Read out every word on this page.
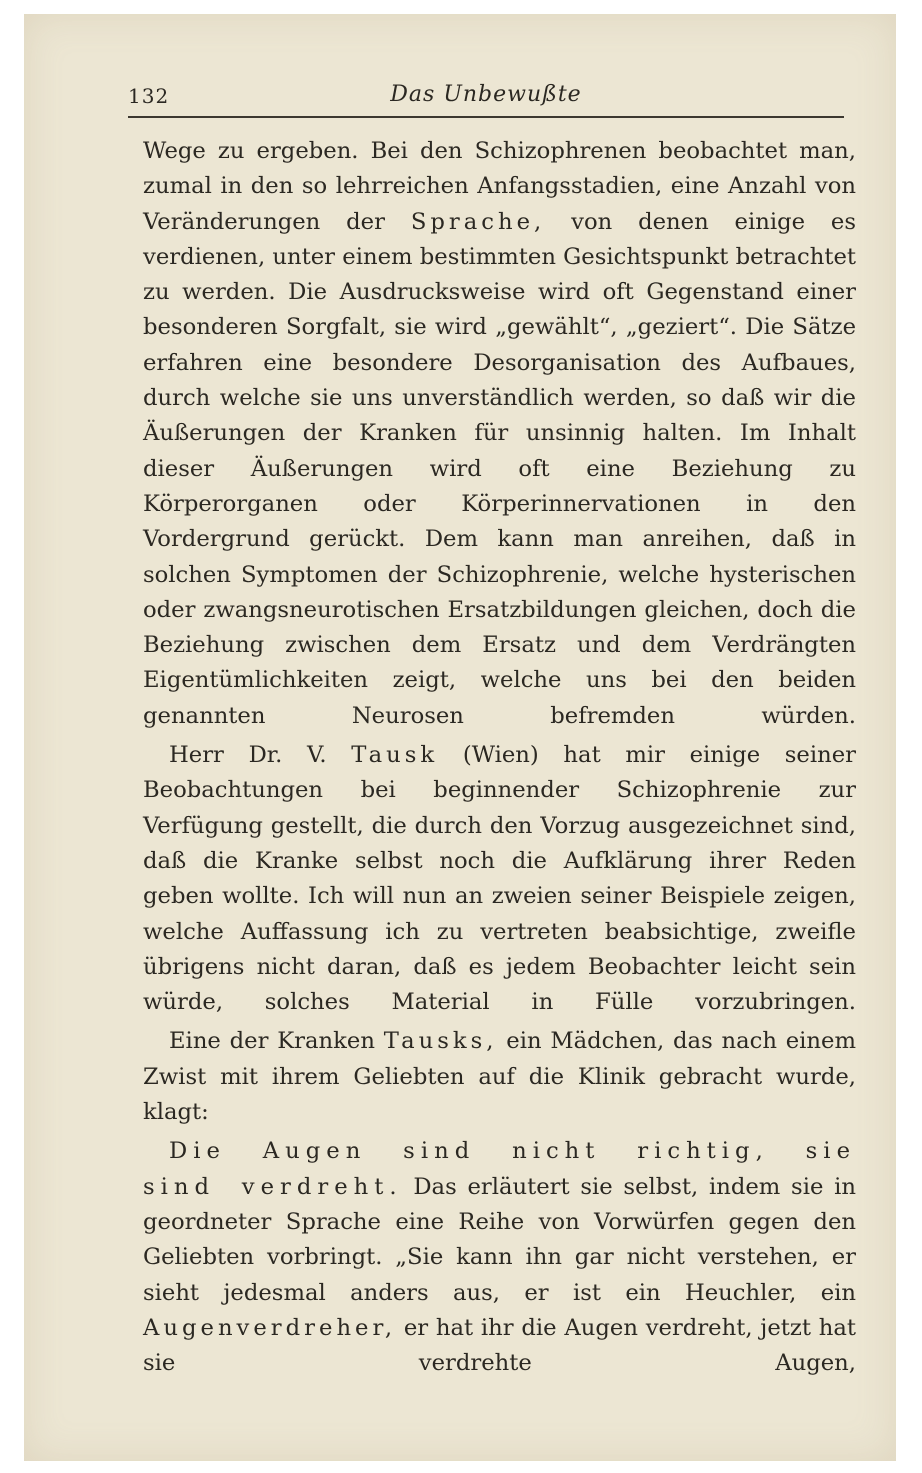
132	Das Unbewußte

Wege zu ergeben. Bei den Schizophrenen beobachtet man, zumal in den so lehrreichen Anfangsstadien, eine Anzahl von Veränderungen der Sprache, von denen einige es verdienen, unter einem bestimmten Gesichtspunkt betrachtet zu werden. Die Ausdrucksweise wird oft Gegenstand einer besonderen Sorgfalt, sie wird „gewählt“, „geziert“. Die Sätze erfahren eine besondere Desorganisation des Aufbaues, durch welche sie uns unverständlich werden, so daß wir die Äußerungen der Kranken für unsinnig halten. Im Inhalt dieser Äußerungen wird oft eine Beziehung zu Körperorganen oder Körperinnervationen in den Vordergrund gerückt. Dem kann man anreihen, daß in solchen Symptomen der Schizophrenie, welche hysterischen oder zwangsneurotischen Ersatzbildungen gleichen, doch die Beziehung zwischen dem Ersatz und dem Verdrängten Eigentümlichkeiten zeigt, welche uns bei den beiden genannten Neurosen befremden würden.

Herr Dr. V. Tausk (Wien) hat mir einige seiner Beobachtungen bei beginnender Schizophrenie zur Verfügung gestellt, die durch den Vorzug ausgezeichnet sind, daß die Kranke selbst noch die Aufklärung ihrer Reden geben wollte. Ich will nun an zweien seiner Beispiele zeigen, welche Auffassung ich zu vertreten beabsichtige, zweifle übrigens nicht daran, daß es jedem Beobachter leicht sein würde, solches Material in Fülle vorzubringen.

Eine der Kranken Tausks, ein Mädchen, das nach einem Zwist mit ihrem Geliebten auf die Klinik gebracht wurde, klagt:

Die Augen sind nicht richtig, sie sind verdreht. Das erläutert sie selbst, indem sie in geordneter Sprache eine Reihe von Vorwürfen gegen den Geliebten vorbringt. „Sie kann ihn gar nicht verstehen, er sieht jedesmal anders aus, er ist ein Heuchler, ein Augenverdreher, er hat ihr die Augen verdreht, jetzt hat sie verdrehte Augen,
